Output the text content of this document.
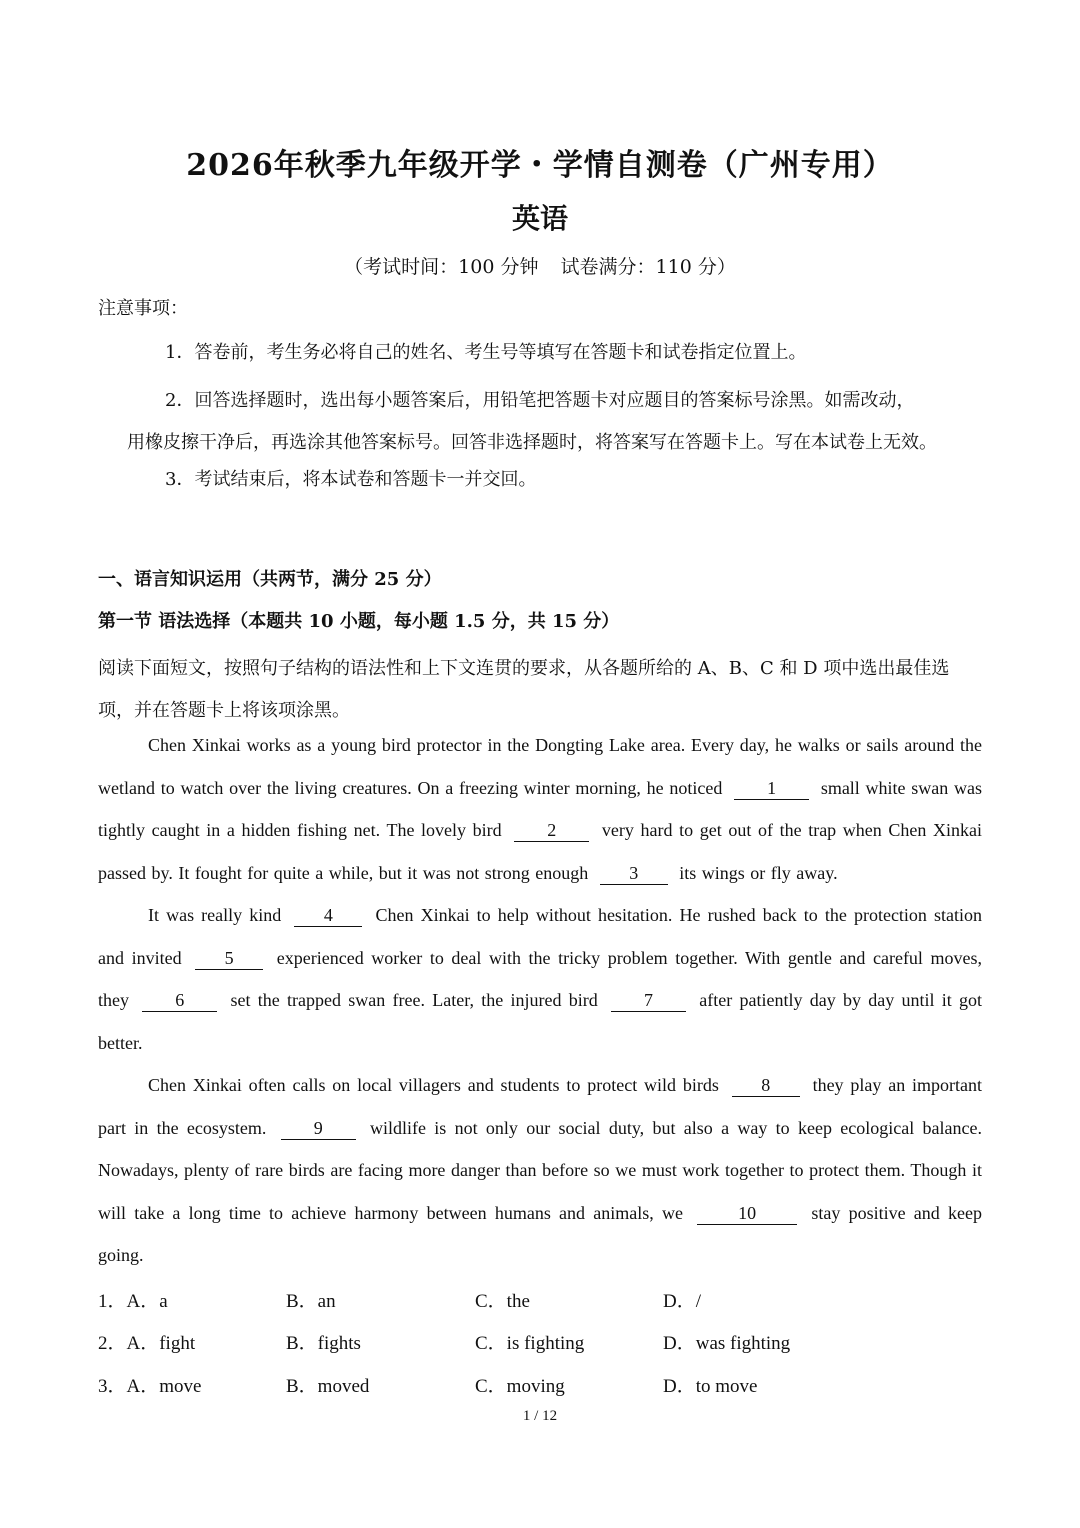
2026年秋季九年级开学・学情自测卷（广州专用）
英语
（考试时间：100 分钟 试卷满分：110 分）
注意事项：
1．答卷前，考生务必将自己的姓名、考生号等填写在答题卡和试卷指定位置上。
2．回答选择题时，选出每小题答案后，用铅笔把答题卡对应题目的答案标号涂黑。如需改动，
用橡皮擦干净后，再选涂其他答案标号。回答非选择题时，将答案写在答题卡上。写在本试卷上无效。
3．考试结束后，将本试卷和答题卡一并交回。
一、语言知识运用（共两节，满分 25 分）
第一节 语法选择（本题共 10 小题，每小题 1.5 分，共 15 分）
阅读下面短文，按照句子结构的语法性和上下文连贯的要求，从各题所给的 A、B、C 和 D 项中选出最佳选项，并在答题卡上将该项涂黑。
Chen Xinkai works as a young bird protector in the Dongting Lake area. Every day, he walks or sails around the wetland to watch over the living creatures. On a freezing winter morning, he noticed 1 small white swan was tightly caught in a hidden fishing net. The lovely bird	2	very hard to get out of the trap when Chen Xinkai passed by. It fought for quite a while, but it was not strong enough 3 its wings or fly away.
It was really kind 4 Chen Xinkai to help without hesitation. He rushed back to the protection station and invited 5 experienced worker to deal with the tricky problem together. With gentle and careful moves, they	6	set the trapped swan free. Later, the injured bird	7	after patiently day by day until it got better.
Chen Xinkai often calls on local villagers and students to protect wild birds 8 they play an important part in the ecosystem.	9	wildlife is not only our social duty, but also a way to keep ecological balance. Nowadays, plenty of rare birds are facing more danger than before so we must work together to protect them. Though it will take a long time to achieve harmony between humans and animals, we	10	stay positive and keep going.
1．A．a	B．an	C．the	D．/
2．A．fight	B．fights	C．is fighting	D．was fighting
3．A．move	B．moved	C．moving	D．to move
1 / 12
